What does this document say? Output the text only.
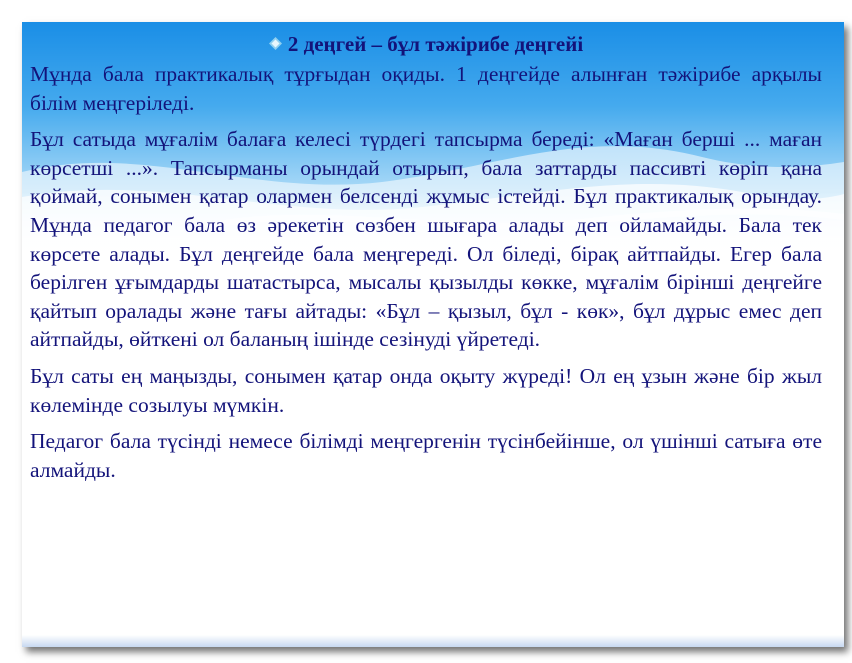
2 деңгей – бұл тәжірибе деңгейі

Мұнда бала практикалық тұрғыдан оқиды. 1 деңгейде алынған тәжірибе арқылы білім меңгеріледі.

Бұл сатыда мұғалім балаға келесі түрдегі тапсырма береді: «Маған берші ... маған көрсетші ...». Тапсырманы орындай отырып, бала заттарды пассивті көріп қана қоймай, сонымен қатар олармен белсенді жұмыс істейді. Бұл практикалық орындау. Мұнда педагог бала өз әрекетін сөзбен шығара алады деп ойламайды. Бала тек көрсете алады. Бұл деңгейде бала меңгереді. Ол біледі, бірақ айтпайды. Егер бала берілген ұғымдарды шатастырса, мысалы қызылды көкке, мұғалім бірінші деңгейге қайтып оралады және тағы айтады: «Бұл – қызыл, бұл - көк», бұл дұрыс емес деп айтпайды, өйткені ол баланың ішінде сезінуді үйретеді.

Бұл саты ең маңызды, сонымен қатар онда оқыту жүреді! Ол ең ұзын және бір жыл көлемінде созылуы мүмкін.

Педагог бала түсінді немесе білімді меңгергенін түсінбейінше, ол үшінші сатыға өте алмайды.
